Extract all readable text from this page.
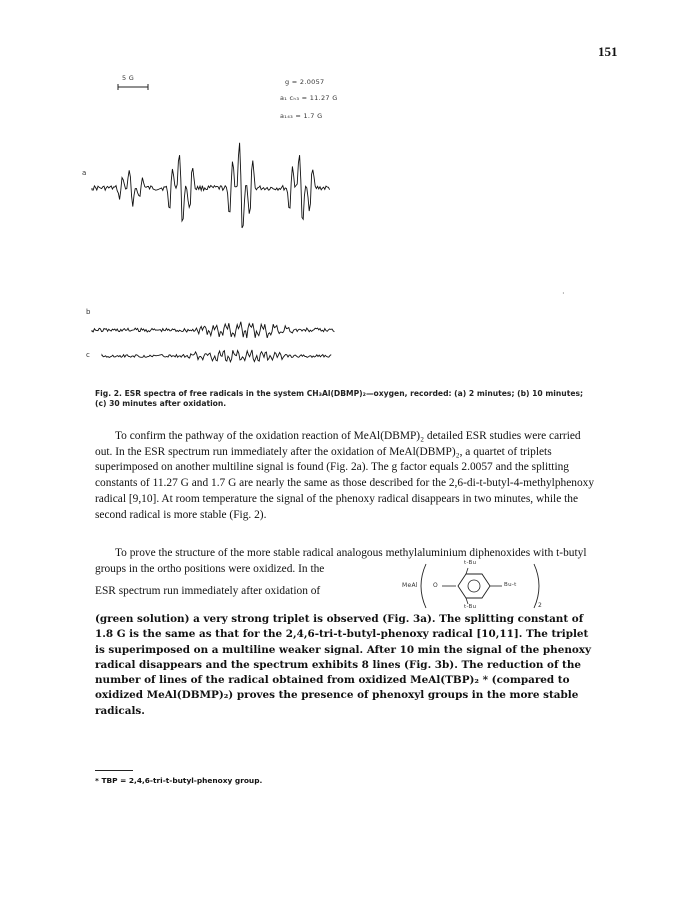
151
5 G	g = 2.0057
a₁ cₕ₃ = 11.27 G
a₁₄₃ = 1.7 G
a
b
c
·
Fig. 2. ESR spectra of free radicals in the system CH₃Al(DBMP)₂—oxygen, recorded: (a) 2 minutes; (b) 10 minutes; (c) 30 minutes after oxidation.

To confirm the pathway of the oxidation reaction of MeAl(DBMP)₂ detailed ESR studies were carried out. In the ESR spectrum run immediately after the oxidation of MeAl(DBMP)₂, a quartet of triplets superimposed on another multiline signal is found (Fig. 2a). The g factor equals 2.0057 and the splitting constants of 11.27 G and 1.7 G are nearly the same as those described for the 2,6-di-t-butyl-4-methylphenoxy radical [9,10]. At room temperature the signal of the phenoxy radical disappears in two minutes, while the second radical is more stable (Fig. 2).

To prove the structure of the more stable radical analogous methylaluminium diphenoxides with t-butyl groups in the ortho positions were oxidized. In the

ESR spectrum run immediately after oxidation of	MeAl	O
t-Bu
t-Bu
Bu-t
2

(green solution) a very strong triplet is observed (Fig. 3a). The splitting constant of 1.8 G is the same as that for the 2,4,6-tri-t-butyl-phenoxy radical [10,11]. The triplet is superimposed on a multiline weaker signal. After 10 min the signal of the phenoxy radical disappears and the spectrum exhibits 8 lines (Fig. 3b). The reduction of the number of lines of the radical obtained from oxidized MeAl(TBP)₂ * (compared to oxidized MeAl(DBMP)₂) proves the presence of phenoxyl groups in the more stable radicals.

* TBP = 2,4,6-tri-t-butyl-phenoxy group.
